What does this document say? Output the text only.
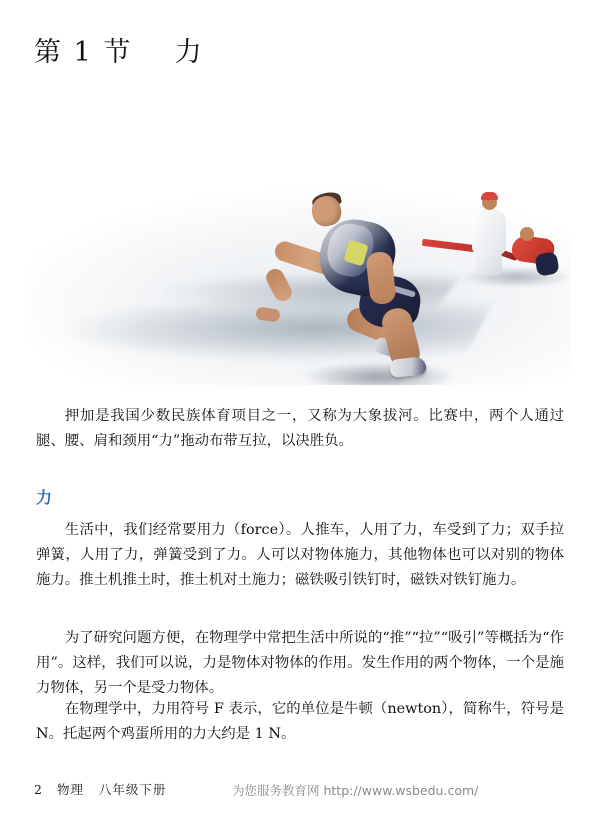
第 1 节    力
押加是我国少数民族体育项目之一，又称为大象拔河。比赛中，两个人通过腿、腰、肩和颈用“力”拖动布带互拉，以决胜负。
力
生活中，我们经常要用力（force）。人推车，人用了力，车受到了力；双手拉弹簧，人用了力，弹簧受到了力。人可以对物体施力，其他物体也可以对别的物体施力。推土机推土时，推土机对土施力；磁铁吸引铁钉时，磁铁对铁钉施力。
为了研究问题方便，在物理学中常把生活中所说的“推”“拉”“吸引”等概括为“作用”。这样，我们可以说，力是物体对物体的作用。发生作用的两个物体，一个是施力物体，另一个是受力物体。
在物理学中，力用符号 F 表示，它的单位是牛顿（newton），简称牛，符号是N。托起两个鸡蛋所用的力大约是 1 N。
2 物理   八年级下册	为您服务教育网 http://www.wsbedu.com/
